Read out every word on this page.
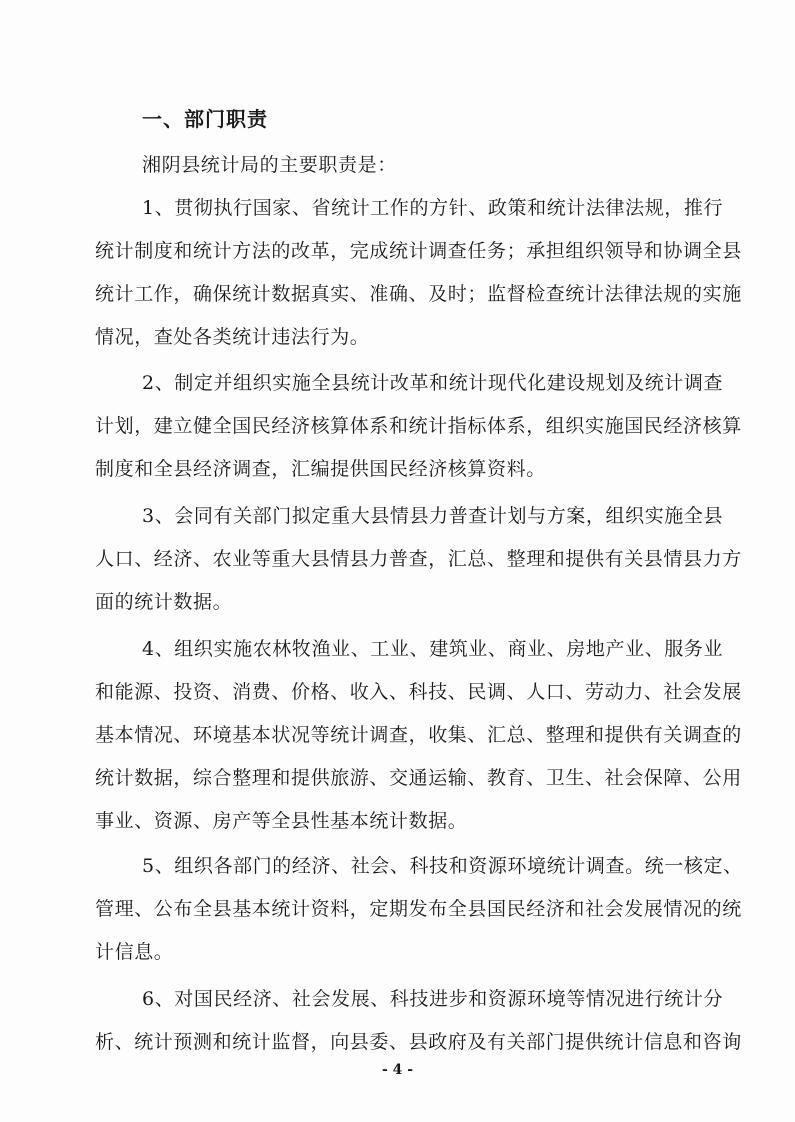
一、部门职责
湘阴县统计局的主要职责是：
1、贯彻执行国家、省统计工作的方针、政策和统计法律法规，推行
统计制度和统计方法的改革，完成统计调查任务；承担组织领导和协调全县
统计工作，确保统计数据真实、准确、及时；监督检查统计法律法规的实施
情况，查处各类统计违法行为。
2、制定并组织实施全县统计改革和统计现代化建设规划及统计调查
计划，建立健全国民经济核算体系和统计指标体系，组织实施国民经济核算
制度和全县经济调查，汇编提供国民经济核算资料。
3、会同有关部门拟定重大县情县力普查计划与方案，组织实施全县
人口、经济、农业等重大县情县力普查，汇总、整理和提供有关县情县力方
面的统计数据。
4、组织实施农林牧渔业、工业、建筑业、商业、房地产业、服务业
和能源、投资、消费、价格、收入、科技、民调、人口、劳动力、社会发展
基本情况、环境基本状况等统计调查，收集、汇总、整理和提供有关调查的
统计数据，综合整理和提供旅游、交通运输、教育、卫生、社会保障、公用
事业、资源、房产等全县性基本统计数据。
5、组织各部门的经济、社会、科技和资源环境统计调查。统一核定、
管理、公布全县基本统计资料，定期发布全县国民经济和社会发展情况的统
计信息。
6、对国民经济、社会发展、科技进步和资源环境等情况进行统计分
析、统计预测和统计监督，向县委、县政府及有关部门提供统计信息和咨询
- 4 -
